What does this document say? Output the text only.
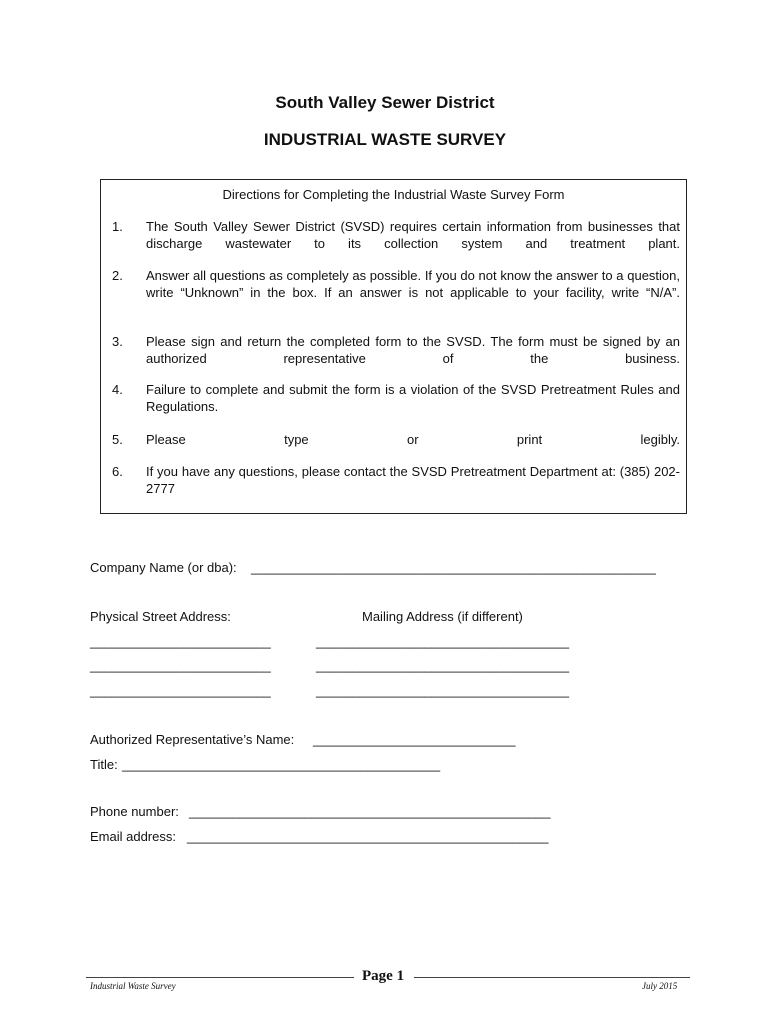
South Valley Sewer District
INDUSTRIAL WASTE SURVEY
Directions for Completing the Industrial Waste Survey Form
1.	The South Valley Sewer District (SVSD) requires certain information from businesses that discharge wastewater to its collection system and treatment plant.
2.	Answer all questions as completely as possible. If you do not know the answer to a question, write “Unknown” in the box. If an answer is not applicable to your facility, write “N/A”.
3.	Please sign and return the completed form to the SVSD. The form must be signed by an authorized representative of the business.
4.	Failure to complete and submit the form is a violation of the SVSD Pretreatment Rules and Regulations.
5.	Please type or print legibly.
6.	If you have any questions, please contact the SVSD Pretreatment Department at: (385) 202-2777
Company Name (or dba): ________________________________________________________
Physical Street Address:	Mailing Address (if different)
_________________________	___________________________________
_________________________	___________________________________
_________________________	___________________________________
Authorized Representative’s Name: ____________________________
Title: ____________________________________________
Phone number: __________________________________________________
Email address: __________________________________________________
Industrial Waste Survey
Page 1
July 2015
